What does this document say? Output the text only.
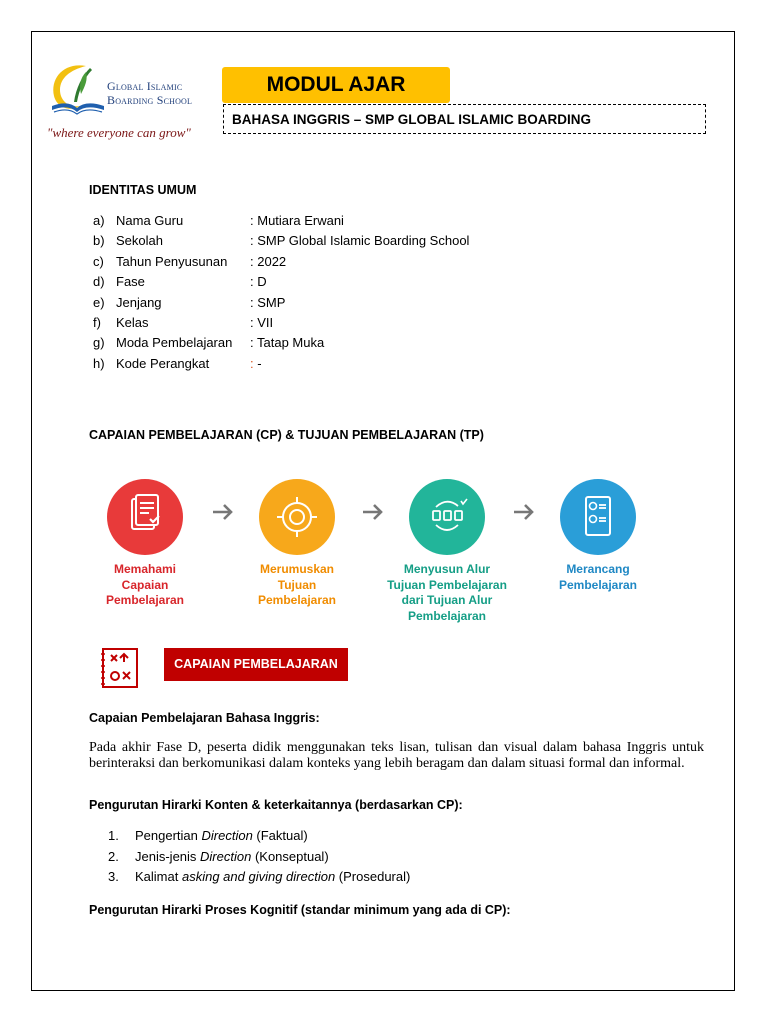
Global Islamic
Boarding School
"where everyone can grow"
MODUL AJAR
BAHASA INGGRIS – SMP GLOBAL ISLAMIC BOARDING
IDENTITAS UMUM
a) Nama Guru	: Mutiara Erwani
b) Sekolah	: SMP Global Islamic Boarding School
c) Tahun Penyusunan : 2022
d) Fase	: D
e) Jenjang	: SMP
f) Kelas	: VII
g) Moda Pembelajaran : Tatap Muka
h) Kode Perangkat	: -
CAPAIAN PEMBELAJARAN (CP) & TUJUAN PEMBELAJARAN (TP)
Memahami
Capaian
Pembelajaran
Merumuskan
Tujuan
Pembelajaran
Menyusun Alur
Tujuan Pembelajaran
dari Tujuan Alur
Pembelajaran
Merancang
Pembelajaran
CAPAIAN PEMBELAJARAN
Capaian Pembelajaran Bahasa Inggris:
Pada akhir Fase D, peserta didik menggunakan teks lisan, tulisan dan visual dalam bahasa Inggris untuk berinteraksi dan berkomunikasi dalam konteks yang lebih beragam dan dalam situasi formal dan informal.
Pengurutan Hirarki Konten & keterkaitannya (berdasarkan CP):
1. Pengertian Direction (Faktual)
2. Jenis-jenis Direction (Konseptual)
3. Kalimat asking and giving direction (Prosedural)
Pengurutan Hirarki Proses Kognitif (standar minimum yang ada di CP):
